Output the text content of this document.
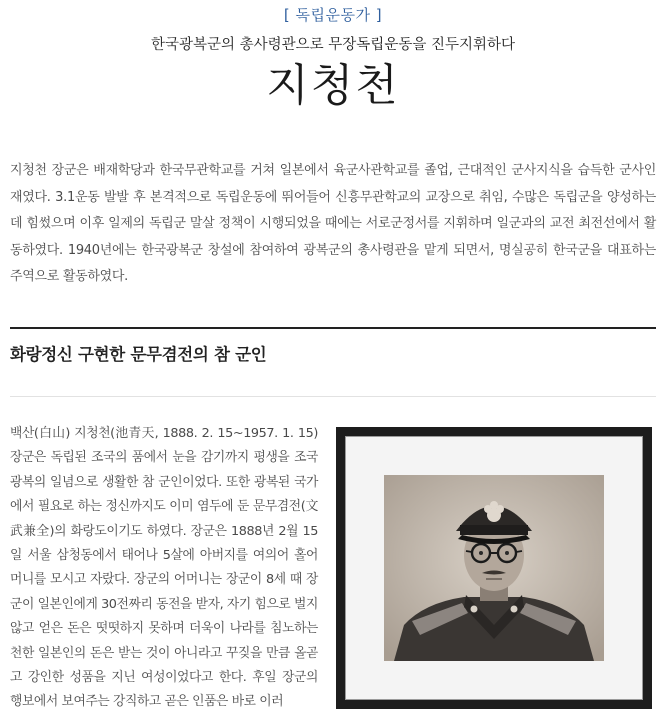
[ 독립운동가 ]
한국광복군의 총사령관으로 무장독립운동을 진두지휘하다
지청천
지청천 장군은 배재학당과 한국무관학교를 거쳐 일본에서 육군사관학교를 졸업, 근대적인 군사지식을 습득한 군사인재였다. 3.1운동 발발 후 본격적으로 독립운동에 뛰어들어 신흥무관학교의 교장으로 취임, 수많은 독립군을 양성하는 데 힘썼으며 이후 일제의 독립군 말살 정책이 시행되었을 때에는 서로군정서를 지휘하며 일군과의 교전 최전선에서 활동하였다. 1940년에는 한국광복군 창설에 참여하여 광복군의 총사령관을 맡게 되면서, 명실공히 한국군을 대표하는 주역으로 활동하였다.
화랑정신 구현한 문무겸전의 참 군인
백산(白山) 지청천(池青天, 1888. 2. 15~1957. 1. 15)장군은 독립된 조국의 품에서 눈을 감기까지 평생을 조국광복의 일념으로 생활한 참 군인이었다. 또한 광복된 국가에서 필요로 하는 정신까지도 이미 염두에 둔 문무겸전(文武兼全)의 화랑도이기도 하였다. 장군은 1888년 2월 15일 서울 삼청동에서 태어나 5살에 아버지를 여의어 홀어머니를 모시고 자랐다. 장군의 어머니는 장군이 8세 때 장군이 일본인에게 30전짜리 동전을 받자, 자기 힘으로 벌지 않고 얻은 돈은 떳떳하지 못하며 더욱이 나라를 침노하는 천한 일본인의 돈은 받는 것이 아니라고 꾸짖을 만큼 올곧고 강인한 성품을 지닌 여성이었다고 한다. 후일 장군의 행보에서 보여주는 강직하고 곧은 인품은 바로 이러
